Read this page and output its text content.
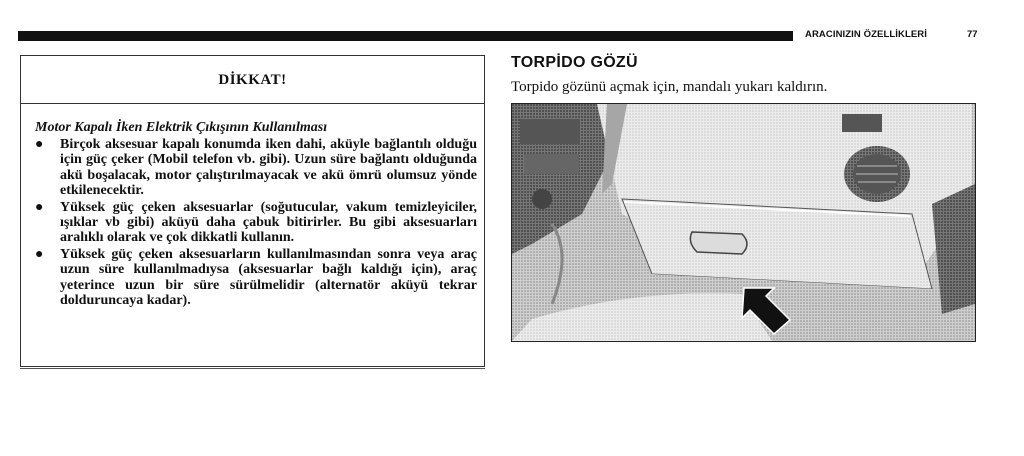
ARACINIZIN ÖZELLİKLERİ	77
DİKKAT!
Motor Kapalı İken Elektrik Çıkışının Kullanılması
●	Birçok aksesuar kapalı konumda iken dahi, aküyle bağlantılı olduğu için güç çeker (Mobil telefon vb. gibi). Uzun süre bağlantı olduğunda akü boşalacak, motor çalıştırılmayacak ve akü ömrü olumsuz yönde etkilenecektir.
●	Yüksek güç çeken aksesuarlar (soğutucular, vakum temizleyiciler, ışıklar vb gibi) aküyü daha çabuk bitirirler. Bu gibi aksesuarları aralıklı olarak ve çok dikkatli kullanın.
●	Yüksek güç çeken aksesuarların kullanılmasından sonra veya araç uzun süre kullanılmadıysa (aksesuarlar bağlı kaldığı için), araç yeterince uzun bir süre sürülmelidir (alternatör aküyü tekrar dolduruncaya kadar).
TORPİDO GÖZÜ
Torpido gözünü açmak için, mandalı yukarı kaldırın.
